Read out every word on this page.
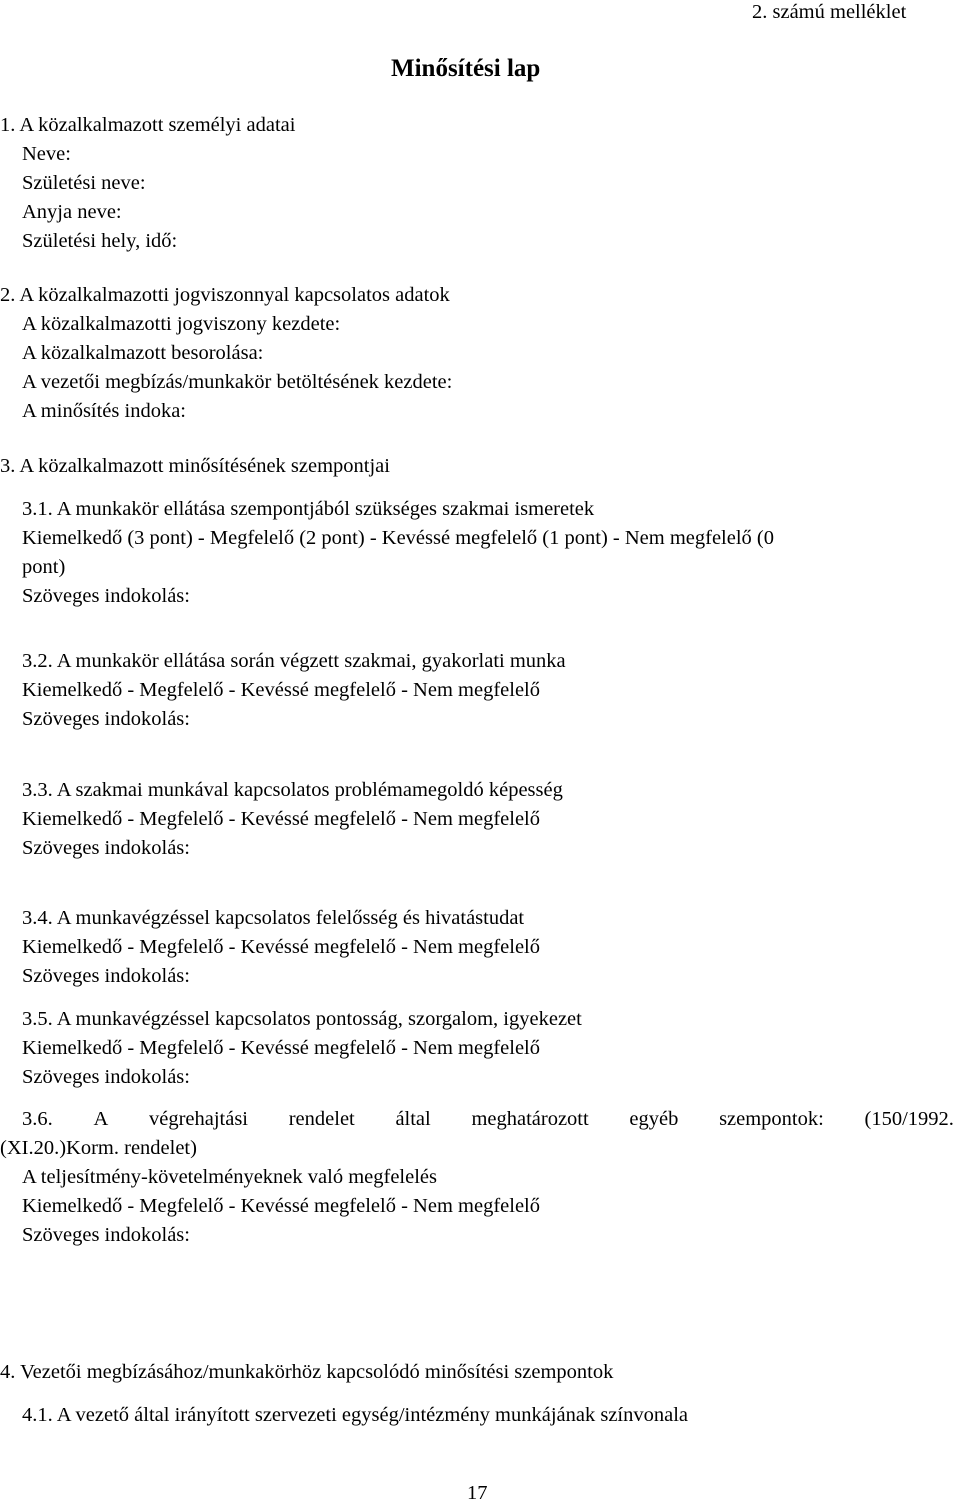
2. számú melléklet
Minősítési lap
1. A közalkalmazott személyi adatai
Neve:
Születési neve:
Anyja neve:
Születési hely, idő:
2. A közalkalmazotti jogviszonnyal kapcsolatos adatok
A közalkalmazotti jogviszony kezdete:
A közalkalmazott besorolása:
A vezetői megbízás/munkakör betöltésének kezdete:
A minősítés indoka:
3. A közalkalmazott minősítésének szempontjai
3.1. A munkakör ellátása szempontjából szükséges szakmai ismeretek
Kiemelkedő (3 pont) - Megfelelő (2 pont) - Kevéssé megfelelő (1 pont) - Nem megfelelő (0
pont)
Szöveges indokolás:
3.2. A munkakör ellátása során végzett szakmai, gyakorlati munka
Kiemelkedő - Megfelelő - Kevéssé megfelelő - Nem megfelelő
Szöveges indokolás:
3.3. A szakmai munkával kapcsolatos problémamegoldó képesség
Kiemelkedő - Megfelelő - Kevéssé megfelelő - Nem megfelelő
Szöveges indokolás:
3.4. A munkavégzéssel kapcsolatos felelősség és hivatástudat
Kiemelkedő - Megfelelő - Kevéssé megfelelő - Nem megfelelő
Szöveges indokolás:
3.5. A munkavégzéssel kapcsolatos pontosság, szorgalom, igyekezet
Kiemelkedő - Megfelelő - Kevéssé megfelelő - Nem megfelelő
Szöveges indokolás:
3.6. A végrehajtási rendelet által meghatározott egyéb szempontok: (150/1992.
(XI.20.)Korm. rendelet)
A teljesítmény-követelményeknek való megfelelés
Kiemelkedő - Megfelelő - Kevéssé megfelelő - Nem megfelelő
Szöveges indokolás:
4. Vezetői megbízásához/munkakörhöz kapcsolódó minősítési szempontok
4.1. A vezető által irányított szervezeti egység/intézmény munkájának színvonala
17
